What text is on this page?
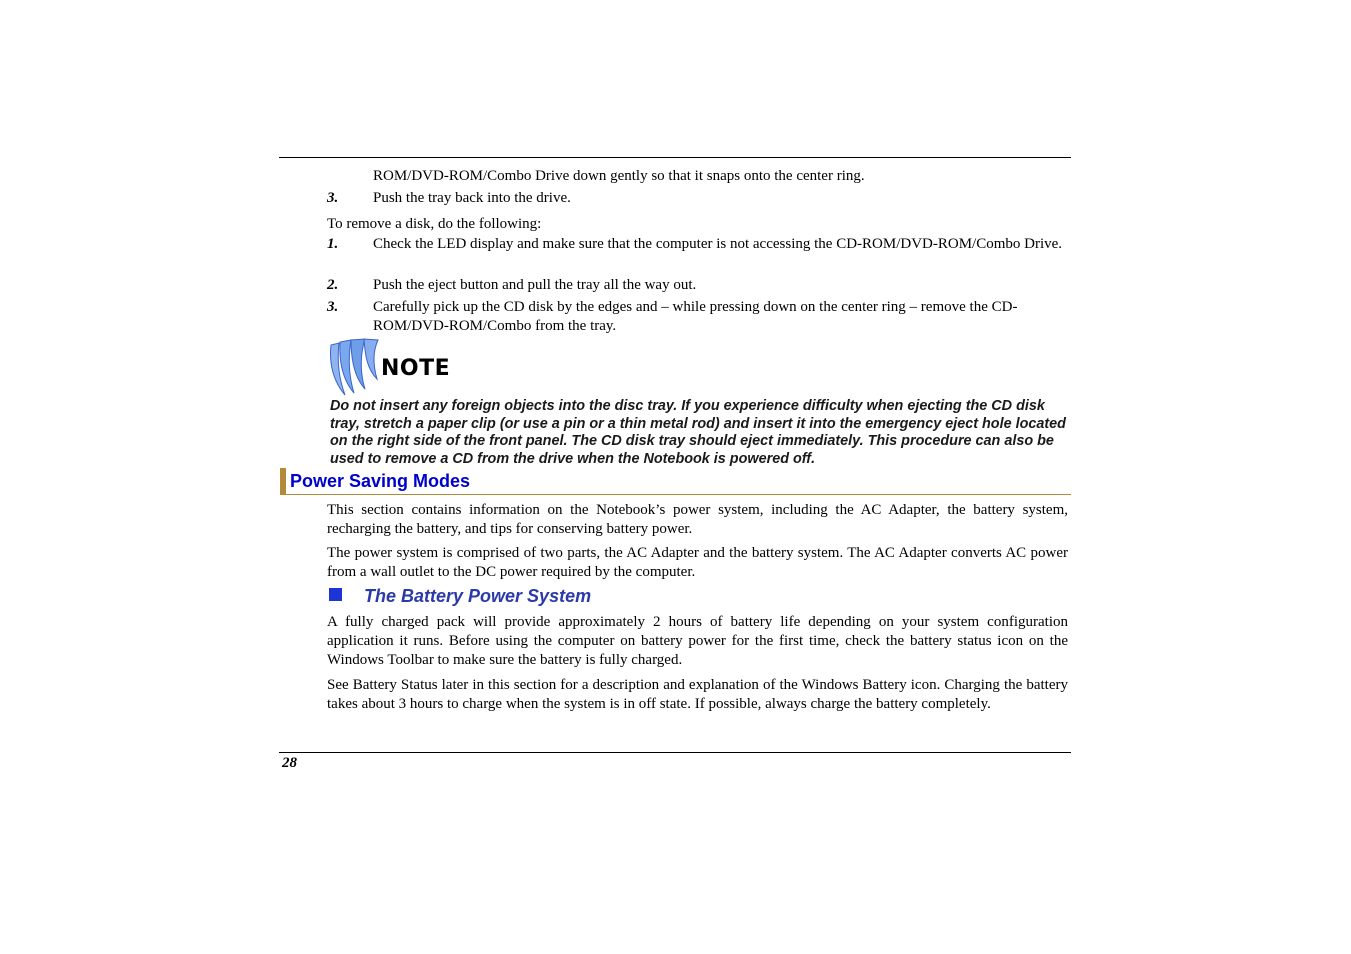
ROM/DVD-ROM/Combo Drive down gently so that it snaps onto the center ring.
3. Push the tray back into the drive.
To remove a disk, do the following:
1. Check the LED display and make sure that the computer is not accessing the CD-ROM/DVD-ROM/Combo Drive.
2. Push the eject button and pull the tray all the way out.
3. Carefully pick up the CD disk by the edges and – while pressing down on the center ring – remove the CD-ROM/DVD-ROM/Combo from the tray.
NOTE
Do not insert any foreign objects into the disc tray. If you experience difficulty when ejecting the CD disk tray, stretch a paper clip (or use a pin or a thin metal rod) and insert it into the emergency eject hole located on the right side of the front panel. The CD disk tray should eject immediately. This procedure can also be used to remove a CD from the drive when the Notebook is powered off.
Power Saving Modes
This section contains information on the Notebook’s power system, including the AC Adapter, the battery system, recharging the battery, and tips for conserving battery power.
The power system is comprised of two parts, the AC Adapter and the battery system. The AC Adapter converts AC power from a wall outlet to the DC power required by the computer.
The Battery Power System
A fully charged pack will provide approximately 2 hours of battery life depending on your system configuration application it runs. Before using the computer on battery power for the first time, check the battery status icon on the Windows Toolbar to make sure the battery is fully charged.
See Battery Status later in this section for a description and explanation of the Windows Battery icon. Charging the battery takes about 3 hours to charge when the system is in off state. If possible, always charge the battery completely.
28
